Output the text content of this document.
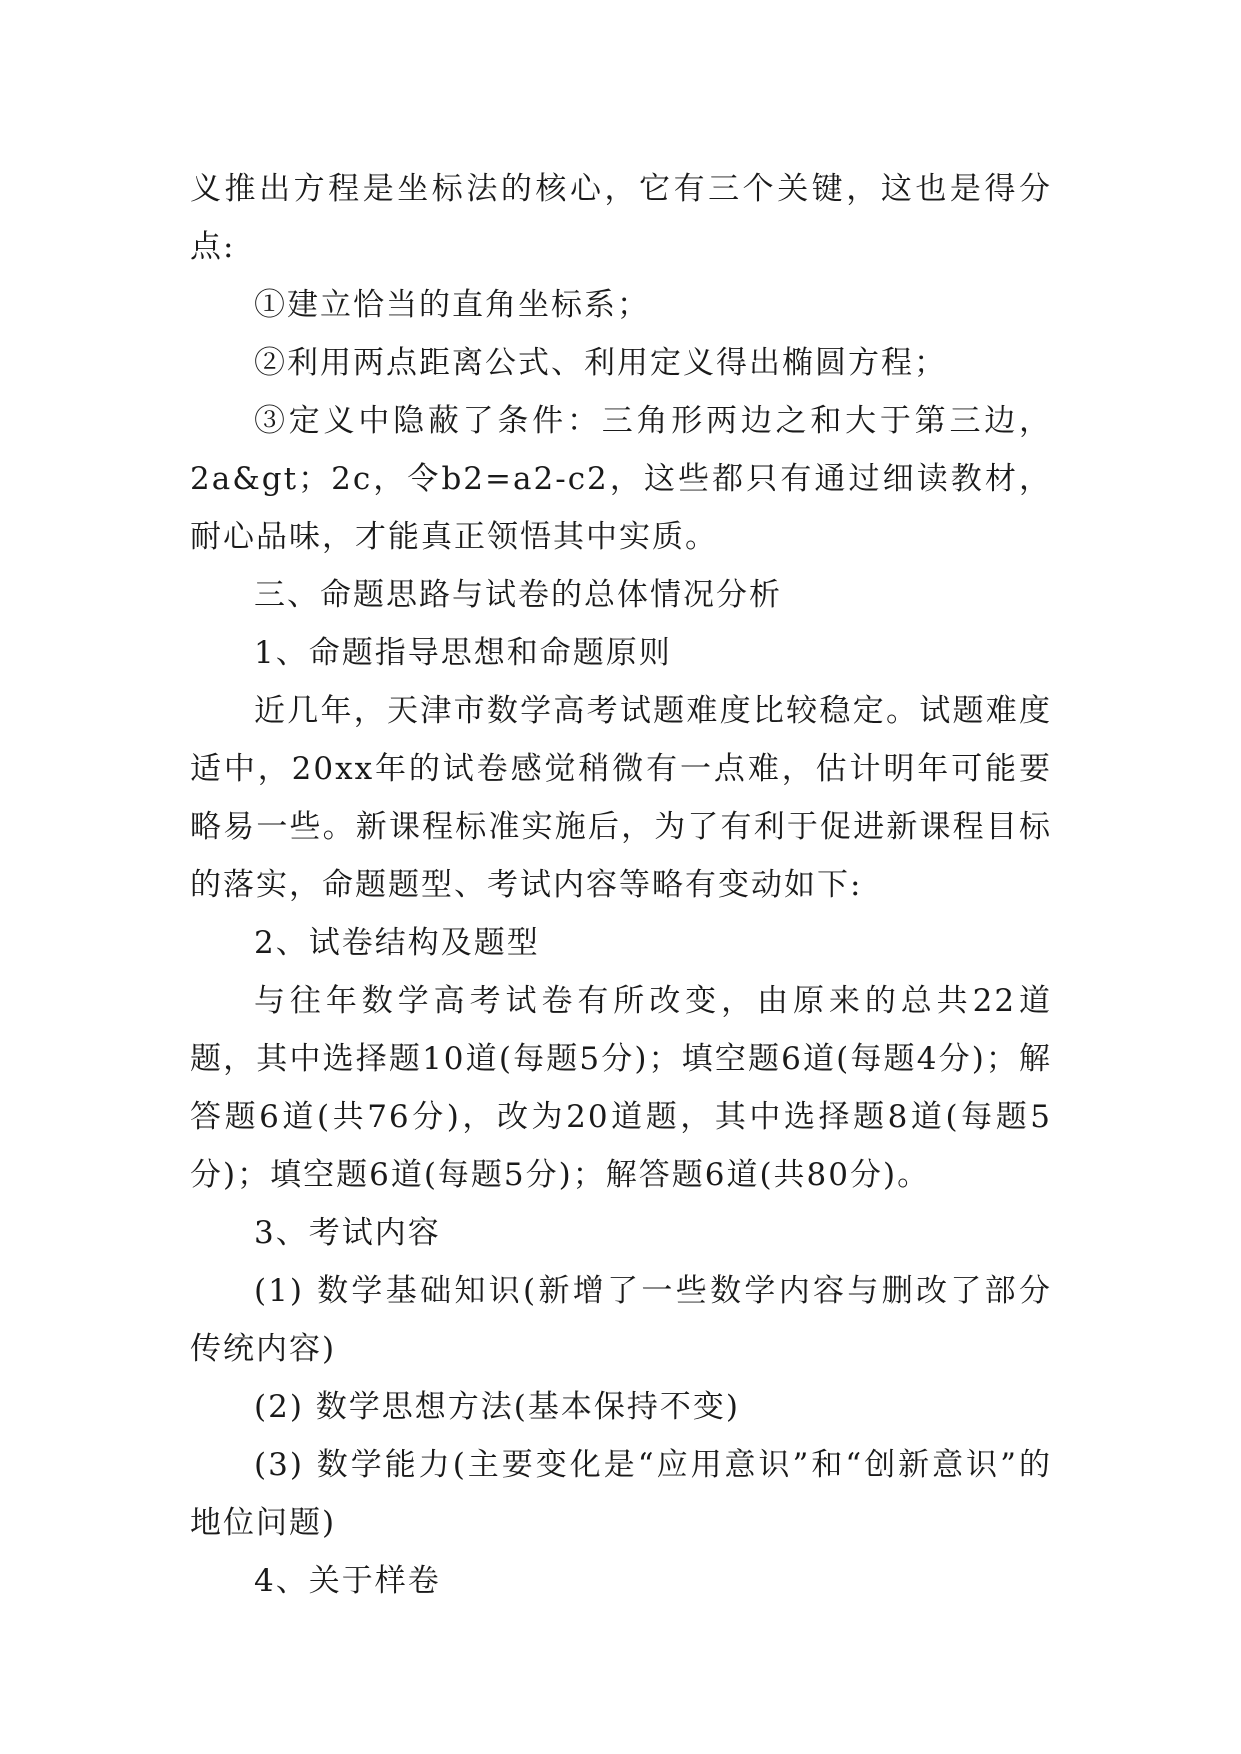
义推出方程是坐标法的核心，它有三个关键，这也是得分点:

①建立恰当的直角坐标系；

②利用两点距离公式、利用定义得出椭圆方程；

③定义中隐蔽了条件：三角形两边之和大于第三边，2a&gt；2c，令b2=a2-c2，这些都只有通过细读教材，耐心品味，才能真正领悟其中实质。

三、命题思路与试卷的总体情况分析

1、命题指导思想和命题原则

近几年，天津市数学高考试题难度比较稳定。试题难度适中，20xx年的试卷感觉稍微有一点难，估计明年可能要略易一些。新课程标准实施后，为了有利于促进新课程目标的落实，命题题型、考试内容等略有变动如下:

2、试卷结构及题型

与往年数学高考试卷有所改变，由原来的总共22道题，其中选择题10道(每题5分)；填空题6道(每题4分)；解答题6道(共76分)，改为20道题，其中选择题8道(每题5分)；填空题6道(每题5分)；解答题6道(共80分)。

3、考试内容

(1) 数学基础知识(新增了一些数学内容与删改了部分传统内容)

(2) 数学思想方法(基本保持不变)

(3) 数学能力(主要变化是“应用意识”和“创新意识”的地位问题)

4、关于样卷
